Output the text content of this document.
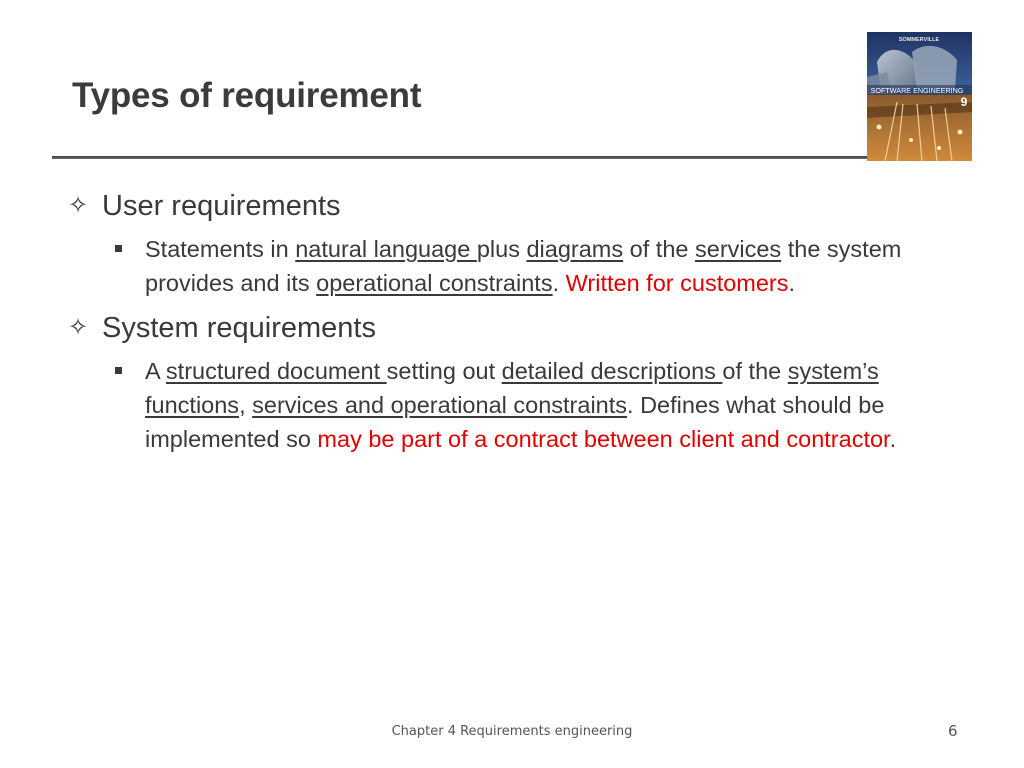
Types of requirement
SOMMERVILLE
SOFTWARE ENGINEERING
9
✧ User requirements
Statements in natural language plus diagrams of the services the system provides and its operational constraints. Written for customers.
✧ System requirements
A structured document setting out detailed descriptions of the system’s functions, services and operational constraints. Defines what should be implemented so may be part of a contract between client and contractor.
Chapter 4 Requirements engineering	6
